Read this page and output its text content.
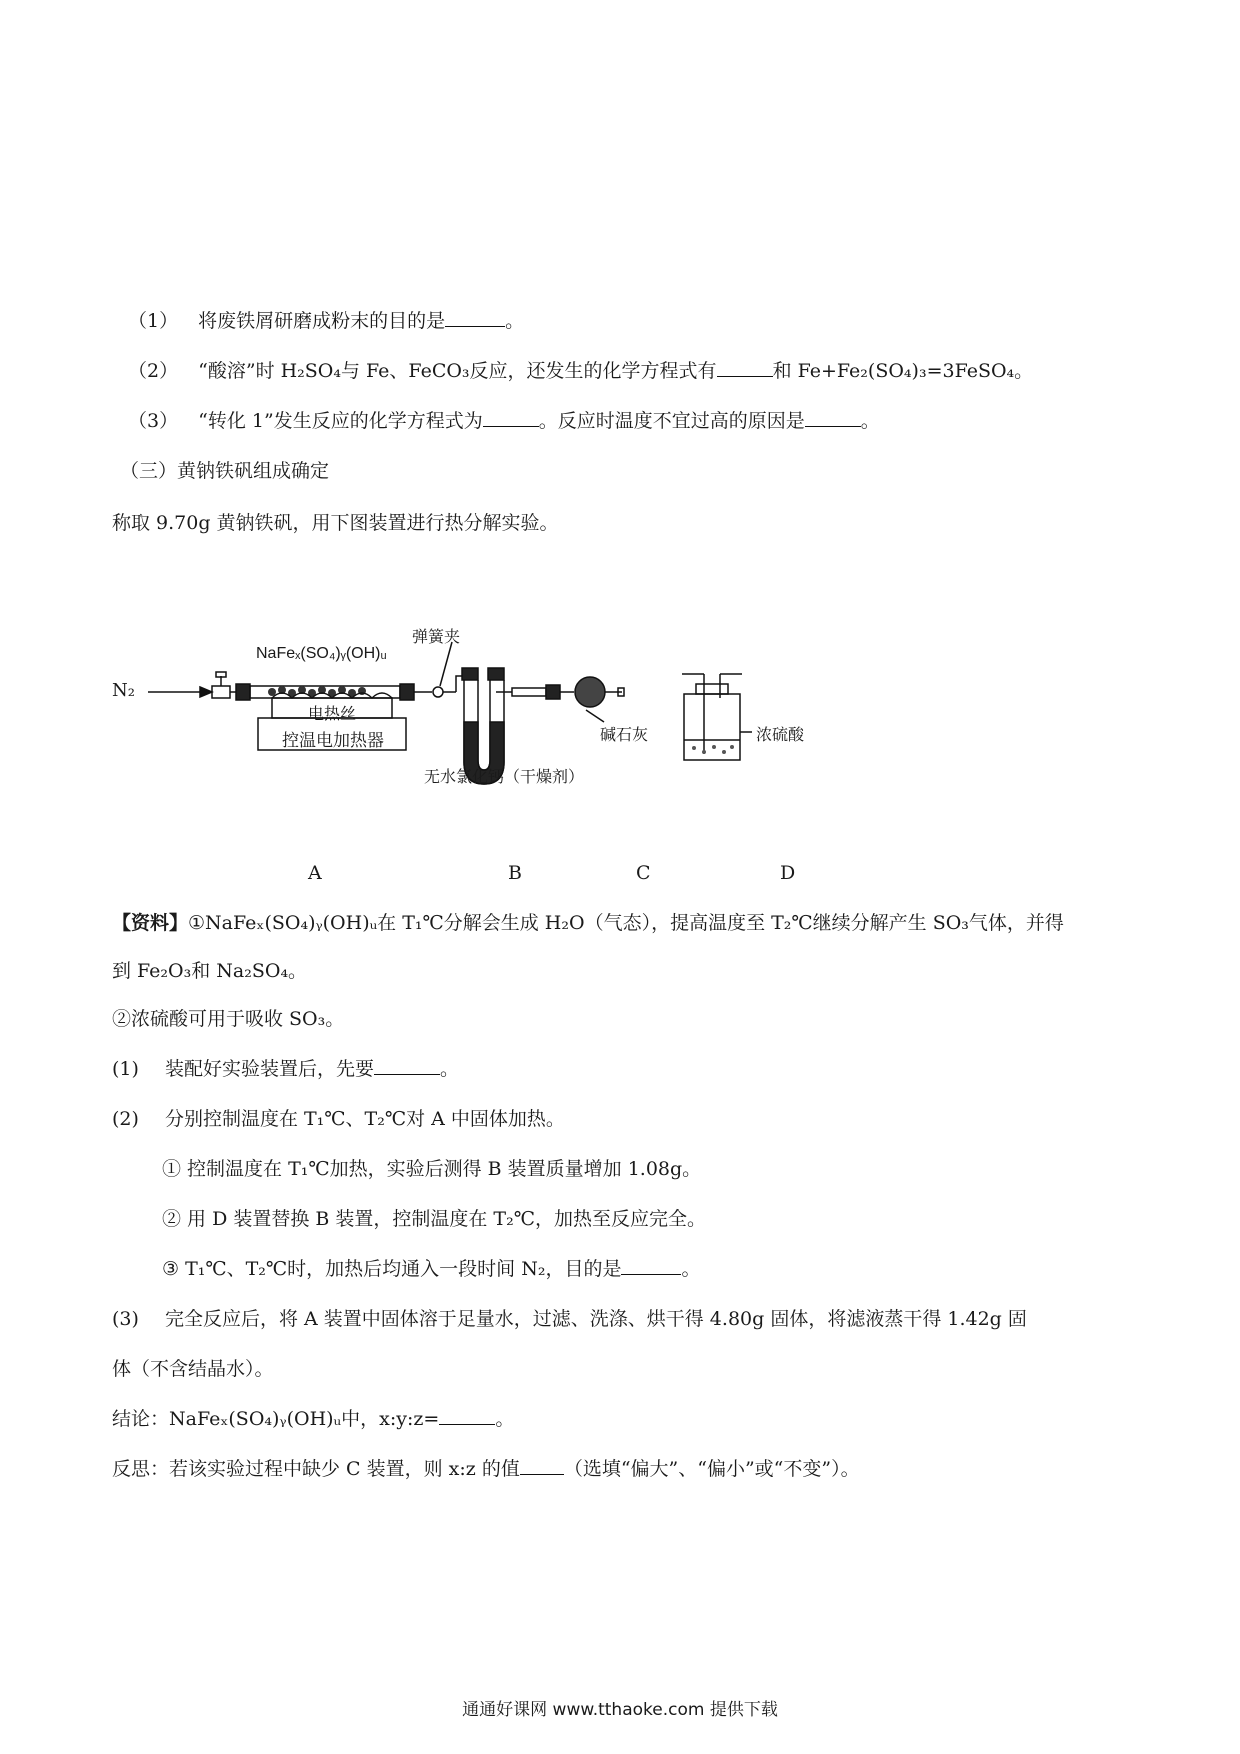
（1） 将废铁屑研磨成粉末的目的是	。
（2） “酸溶”时 H₂SO₄与 Fe、FeCO₃反应，还发生的化学方程式有	和 Fe+Fe₂(SO₄)₃=3FeSO₄。
（3） “转化 1”发生反应的化学方程式为	。反应时温度不宜过高的原因是	。
（三）黄钠铁矾组成确定
称取 9.70g 黄钠铁矾，用下图装置进行热分解实验。
N₂
NaFeₓ(SO₄)ᵧ(OH)ᵤ
弹簧夹
电热丝
控温电加热器
无水氯化钙（干燥剂）
碱石灰	浓硫酸
A	B	C	D
【资料】①NaFeₓ(SO₄)ᵧ(OH)ᵤ在 T₁℃分解会生成 H₂O（气态），提高温度至 T₂℃继续分解产生 SO₃气体，并得
到 Fe₂O₃和 Na₂SO₄。
②浓硫酸可用于吸收 SO₃。
(1) 装配好实验装置后，先要	。
(2) 分别控制温度在 T₁℃、T₂℃对 A 中固体加热。
① 控制温度在 T₁℃加热，实验后测得 B 装置质量增加 1.08g。
② 用 D 装置替换 B 装置，控制温度在 T₂℃，加热至反应完全。
③ T₁℃、T₂℃时，加热后均通入一段时间 N₂，目的是	。
(3) 完全反应后，将 A 装置中固体溶于足量水，过滤、洗涤、烘干得 4.80g 固体，将滤液蒸干得 1.42g 固
体（不含结晶水）。
结论：NaFeₓ(SO₄)ᵧ(OH)ᵤ中，x:y:z=	。
反思：若该实验过程中缺少 C 装置，则 x:z 的值 （选填“偏大”、“偏小”或“不变”）。
通通好课网 www.tthaoke.com 提供下载
